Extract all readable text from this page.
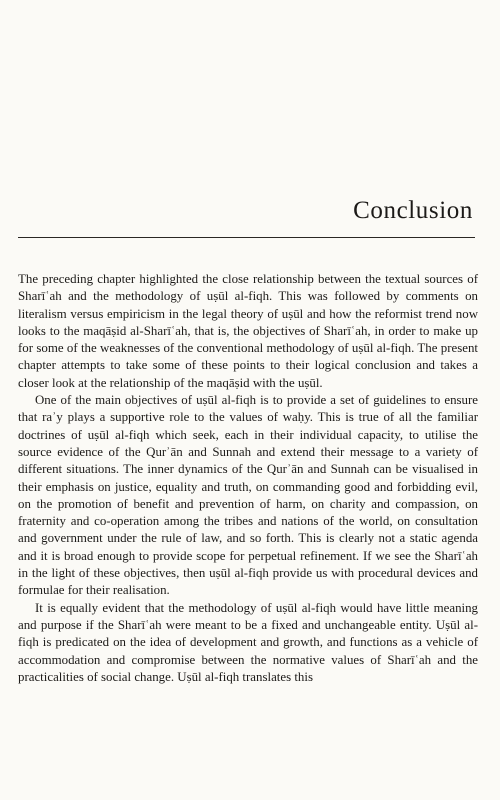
Conclusion

The preceding chapter highlighted the close relationship between the textual sources of Sharīʿah and the methodology of uṣūl al-fiqh. This was followed by comments on literalism versus empiricism in the legal theory of uṣūl and how the reformist trend now looks to the maqāṣid al-Sharīʿah, that is, the objectives of Sharīʿah, in order to make up for some of the weaknesses of the conventional methodology of uṣūl al-fiqh. The present chapter attempts to take some of these points to their logical conclusion and takes a closer look at the relationship of the maqāṣid with the uṣūl.

One of the main objectives of uṣūl al-fiqh is to provide a set of guidelines to ensure that raʾy plays a supportive role to the values of waḥy. This is true of all the familiar doctrines of uṣūl al-fiqh which seek, each in their individual capacity, to utilise the source evidence of the Qurʾān and Sunnah and extend their message to a variety of different situations. The inner dynamics of the Qurʾān and Sunnah can be visualised in their emphasis on justice, equality and truth, on commanding good and forbidding evil, on the promotion of benefit and prevention of harm, on charity and compassion, on fraternity and co-operation among the tribes and nations of the world, on consultation and government under the rule of law, and so forth. This is clearly not a static agenda and it is broad enough to provide scope for perpetual refinement. If we see the Sharīʿah in the light of these objectives, then uṣūl al-fiqh provide us with procedural devices and formulae for their realisation.

It is equally evident that the methodology of uṣūl al-fiqh would have little meaning and purpose if the Sharīʿah were meant to be a fixed and unchangeable entity. Uṣūl al-fiqh is predicated on the idea of development and growth, and functions as a vehicle of accommodation and compromise between the normative values of Sharīʿah and the practicalities of social change. Uṣūl al-fiqh translates this
